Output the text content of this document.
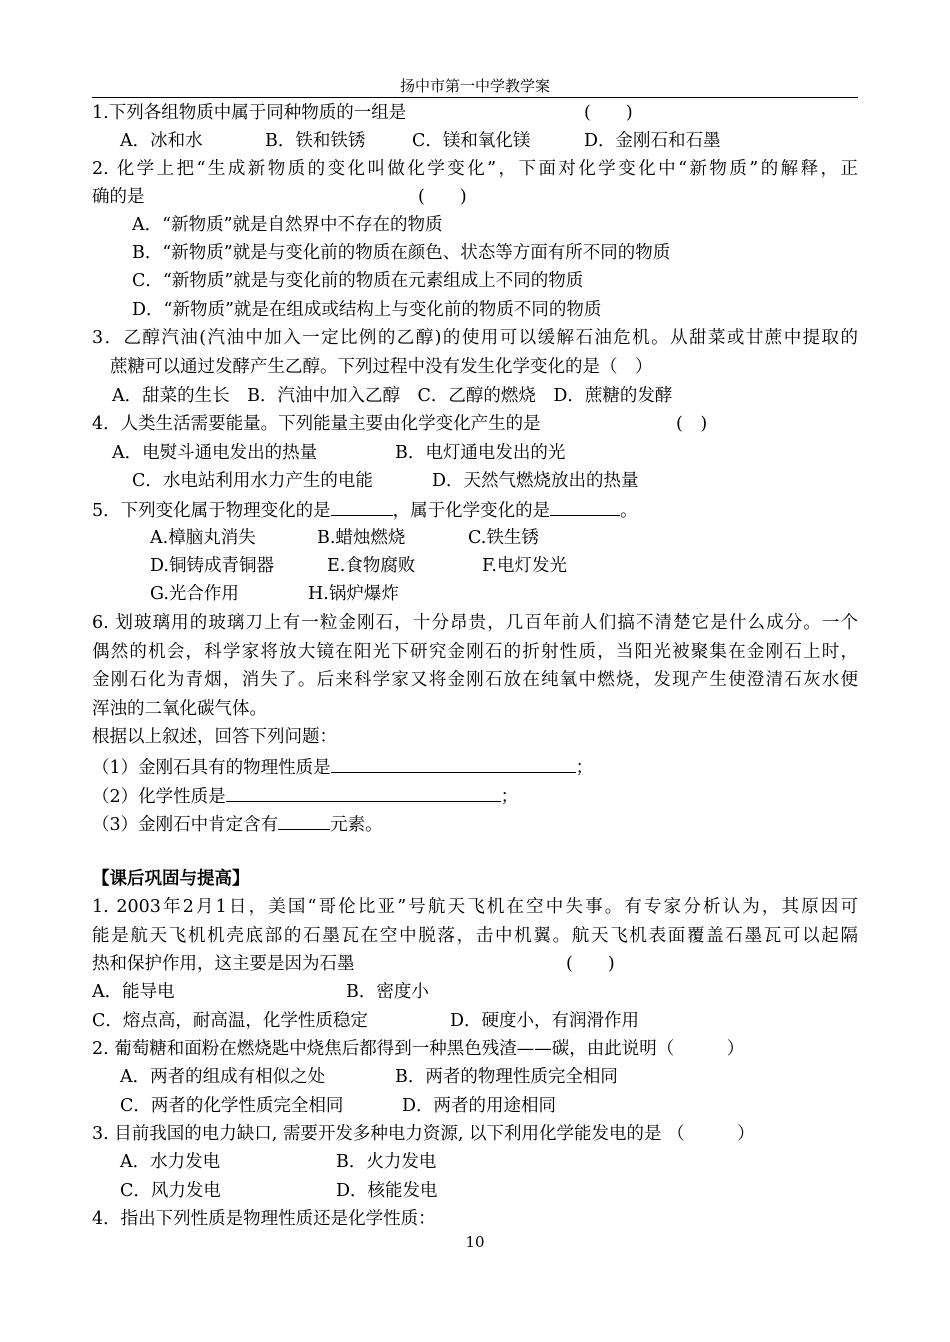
扬中市第一中学教学案
1.下列各组物质中属于同种物质的一组是	(　　)
A．冰和水	B．铁和铁锈	C．镁和氧化镁	D．金刚石和石墨
2. 化学上把“生成新物质的变化叫做化学变化”，下面对化学变化中“新物质”的解释，正
确的是	(　　)
A．“新物质”就是自然界中不存在的物质
B．“新物质”就是与变化前的物质在颜色、状态等方面有所不同的物质
C．“新物质”就是与变化前的物质在元素组成上不同的物质
D．“新物质”就是在组成或结构上与变化前的物质不同的物质
3．乙醇汽油(汽油中加入一定比例的乙醇)的使用可以缓解石油危机。从甜菜或甘蔗中提取的
蔗糖可以通过发酵产生乙醇。下列过程中没有发生化学变化的是（　）
A．甜菜的生长　B．汽油中加入乙醇　C．乙醇的燃烧　D．蔗糖的发酵
4．人类生活需要能量。下列能量主要由化学变化产生的是	(　)
A．电熨斗通电发出的热量	B．电灯通电发出的光
C．水电站利用水力产生的电能	D．天然气燃烧放出的热量
5．下列变化属于物理变化的是	，属于化学变化的是	。
A.樟脑丸消失	B.蜡烛燃烧	C.铁生锈
D.铜铸成青铜器	E.食物腐败	F.电灯发光
G.光合作用	H.锅炉爆炸
6. 划玻璃用的玻璃刀上有一粒金刚石，十分昂贵，几百年前人们搞不清楚它是什么成分。一个
偶然的机会，科学家将放大镜在阳光下研究金刚石的折射性质，当阳光被聚集在金刚石上时，
金刚石化为青烟，消失了。后来科学家又将金刚石放在纯氧中燃烧，发现产生使澄清石灰水便
浑浊的二氧化碳气体。
根据以上叙述，回答下列问题：
（1）金刚石具有的物理性质是	；
（2）化学性质是	；
（3）金刚石中肯定含有	元素。
【课后巩固与提高】
1. 2003年2月1日，美国“哥伦比亚”号航天飞机在空中失事。有专家分析认为，其原因可
能是航天飞机机壳底部的石墨瓦在空中脱落，击中机翼。航天飞机表面覆盖石墨瓦可以起隔
热和保护作用，这主要是因为石墨	(　　)
A．能导电	B．密度小
C．熔点高，耐高温，化学性质稳定	D．硬度小，有润滑作用
2. 葡萄糖和面粉在燃烧匙中烧焦后都得到一种黑色残渣——碳，由此说明（　　　）
A．两者的组成有相似之处	B．两者的物理性质完全相同
C．两者的化学性质完全相同	D．两者的用途相同
3. 目前我国的电力缺口, 需要开发多种电力资源, 以下利用化学能发电的是 （　　　）
A．水力发电	B．火力发电
C．风力发电	D．核能发电
4．指出下列性质是物理性质还是化学性质：
10
